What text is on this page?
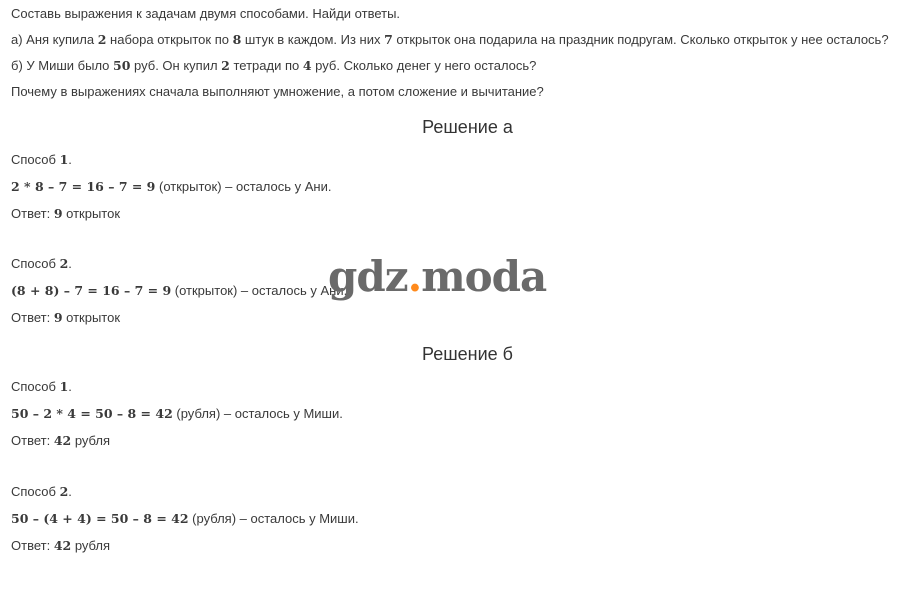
Составь выражения к задачам двумя способами. Найди ответы.
а) Аня купила 2 набора открыток по 8 штук в каждом. Из них 7 открыток она подарила на праздник подругам. Сколько открыток у нее осталось?
б) У Миши было 50 руб. Он купил 2 тетради по 4 руб. Сколько денег у него осталось?
Почему в выражениях сначала выполняют умножение, а потом сложение и вычитание?
Решение а
Способ 1.
2 * 8 – 7 = 16 – 7 = 9 (открыток) – осталось у Ани.
Ответ: 9 открыток
Способ 2.
(8 + 8) – 7 = 16 – 7 = 9 (открыток) – осталось у Ани.
Ответ: 9 открыток
Решение б
Способ 1.
50 – 2 * 4 = 50 – 8 = 42 (рубля) – осталось у Миши.
Ответ: 42 рубля
Способ 2.
50 – (4 + 4) = 50 – 8 = 42 (рубля) – осталось у Миши.
Ответ: 42 рубля
gdz.moda
